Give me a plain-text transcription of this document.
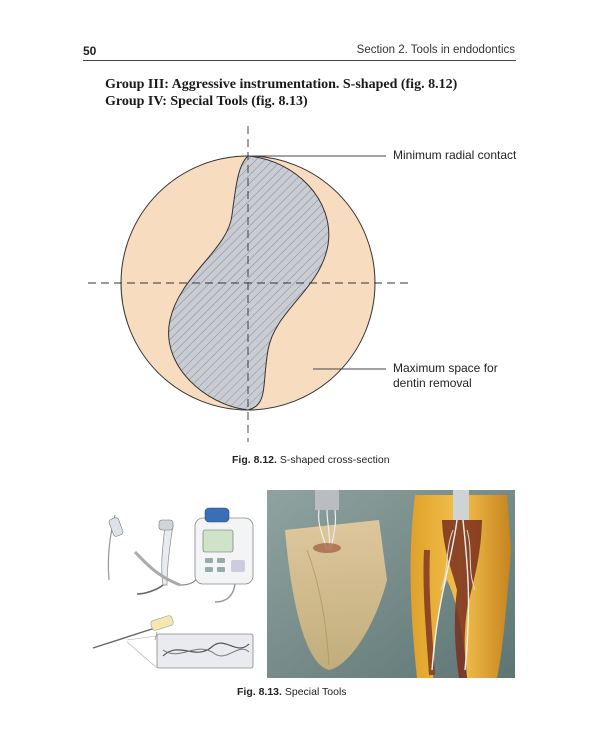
50	Section 2. Tools in endodontics
Group III: Aggressive instrumentation. S-shaped (fig. 8.12)
Group IV: Special Tools (fig. 8.13)
Minimum radial contact
Maximum space for
dentin removal
Fig. 8.12. S-shaped cross-section
Fig. 8.13. Special Tools
